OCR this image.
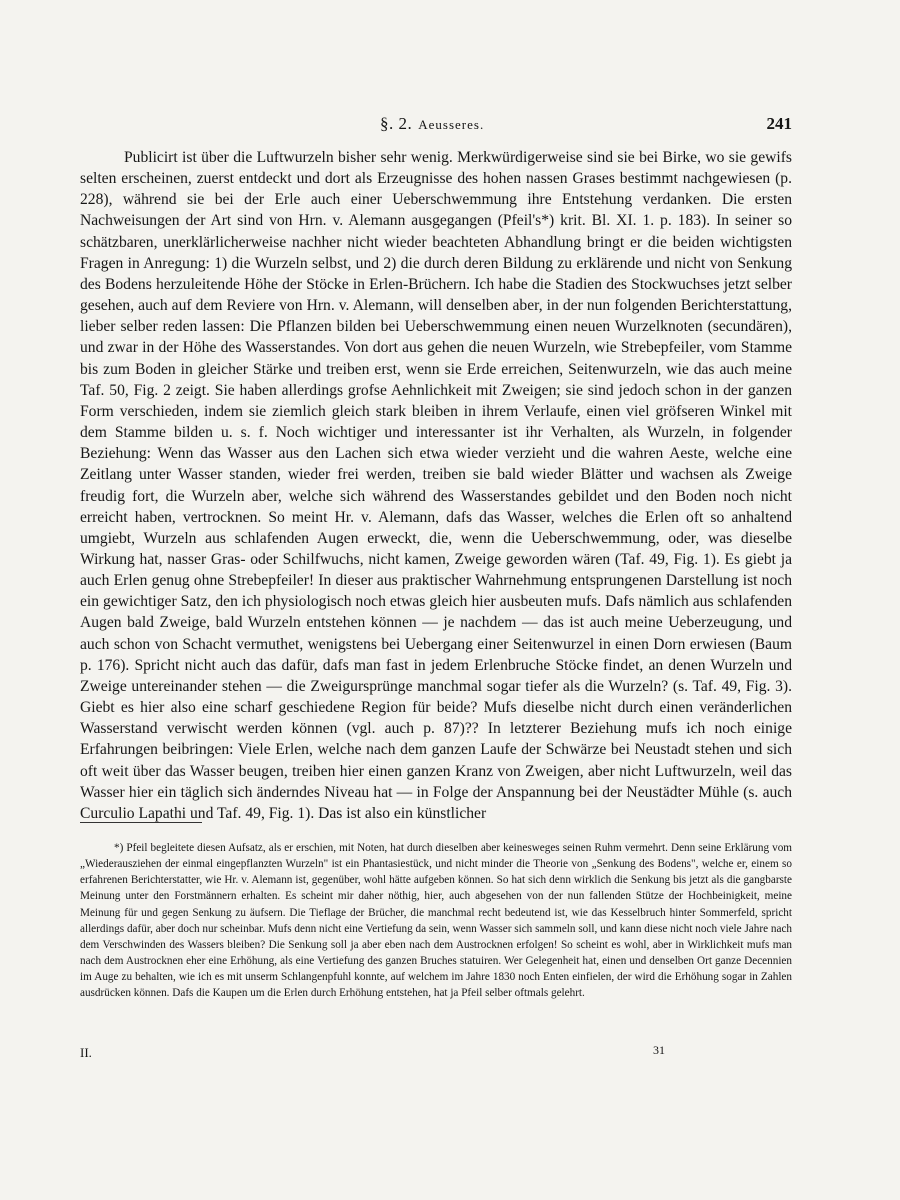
§. 2. Aeusseres.	241

Publicirt ist über die Luftwurzeln bisher sehr wenig. Merkwürdigerweise sind sie bei Birke, wo sie gewifs selten erscheinen, zuerst entdeckt und dort als Erzeugnisse des hohen nassen Grases bestimmt nachgewiesen (p. 228), während sie bei der Erle auch einer Ueberschwemmung ihre Entstehung verdanken. Die ersten Nachweisungen der Art sind von Hrn. v. Alemann ausgegangen (Pfeil's*) krit. Bl. XI. 1. p. 183). In seiner so schätzbaren, unerklärlicherweise nachher nicht wieder beachteten Abhandlung bringt er die beiden wichtigsten Fragen in Anregung: 1) die Wurzeln selbst, und 2) die durch deren Bildung zu erklärende und nicht von Senkung des Bodens herzuleitende Höhe der Stöcke in Erlen-Brüchern. Ich habe die Stadien des Stockwuchses jetzt selber gesehen, auch auf dem Reviere von Hrn. v. Alemann, will denselben aber, in der nun folgenden Berichterstattung, lieber selber reden lassen: Die Pflanzen bilden bei Ueberschwemmung einen neuen Wurzelknoten (secundären), und zwar in der Höhe des Wasserstandes. Von dort aus gehen die neuen Wurzeln, wie Strebepfeiler, vom Stamme bis zum Boden in gleicher Stärke und treiben erst, wenn sie Erde erreichen, Seitenwurzeln, wie das auch meine Taf. 50, Fig. 2 zeigt. Sie haben allerdings grofse Aehnlichkeit mit Zweigen; sie sind jedoch schon in der ganzen Form verschieden, indem sie ziemlich gleich stark bleiben in ihrem Verlaufe, einen viel gröfseren Winkel mit dem Stamme bilden u. s. f. Noch wichtiger und interessanter ist ihr Verhalten, als Wurzeln, in folgender Beziehung: Wenn das Wasser aus den Lachen sich etwa wieder verzieht und die wahren Aeste, welche eine Zeitlang unter Wasser standen, wieder frei werden, treiben sie bald wieder Blätter und wachsen als Zweige freudig fort, die Wurzeln aber, welche sich während des Wasserstandes gebildet und den Boden noch nicht erreicht haben, vertrocknen. So meint Hr. v. Alemann, dafs das Wasser, welches die Erlen oft so anhaltend umgiebt, Wurzeln aus schlafenden Augen erweckt, die, wenn die Ueberschwemmung, oder, was dieselbe Wirkung hat, nasser Gras- oder Schilfwuchs, nicht kamen, Zweige geworden wären (Taf. 49, Fig. 1). Es giebt ja auch Erlen genug ohne Strebepfeiler! In dieser aus praktischer Wahrnehmung entsprungenen Darstellung ist noch ein gewichtiger Satz, den ich physiologisch noch etwas gleich hier ausbeuten mufs. Dafs nämlich aus schlafenden Augen bald Zweige, bald Wurzeln entstehen können — je nachdem — das ist auch meine Ueberzeugung, und auch schon von Schacht vermuthet, wenigstens bei Uebergang einer Seitenwurzel in einen Dorn erwiesen (Baum p. 176). Spricht nicht auch das dafür, dafs man fast in jedem Erlenbruche Stöcke findet, an denen Wurzeln und Zweige untereinander stehen — die Zweigursprünge manchmal sogar tiefer als die Wurzeln? (s. Taf. 49, Fig. 3). Giebt es hier also eine scharf geschiedene Region für beide? Mufs dieselbe nicht durch einen veränderlichen Wasserstand verwischt werden können (vgl. auch p. 87)?? In letzterer Beziehung mufs ich noch einige Erfahrungen beibringen: Viele Erlen, welche nach dem ganzen Laufe der Schwärze bei Neustadt stehen und sich oft weit über das Wasser beugen, treiben hier einen ganzen Kranz von Zweigen, aber nicht Luftwurzeln, weil das Wasser hier ein täglich sich änderndes Niveau hat — in Folge der Anspannung bei der Neustädter Mühle (s. auch Curculio Lapathi und Taf. 49, Fig. 1). Das ist also ein künstlicher

*) Pfeil begleitete diesen Aufsatz, als er erschien, mit Noten, hat durch dieselben aber keinesweges seinen Ruhm vermehrt. Denn seine Erklärung vom „Wiederausziehen der einmal eingepflanzten Wurzeln" ist ein Phantasiestück, und nicht minder die Theorie von „Senkung des Bodens", welche er, einem so erfahrenen Berichterstatter, wie Hr. v. Alemann ist, gegenüber, wohl hätte aufgeben können. So hat sich denn wirklich die Senkung bis jetzt als die gangbarste Meinung unter den Forstmännern erhalten. Es scheint mir daher nöthig, hier, auch abgesehen von der nun fallenden Stütze der Hochbeinigkeit, meine Meinung für und gegen Senkung zu äufsern. Die Tieflage der Brücher, die manchmal recht bedeutend ist, wie das Kesselbruch hinter Sommerfeld, spricht allerdings dafür, aber doch nur scheinbar. Mufs denn nicht eine Vertiefung da sein, wenn Wasser sich sammeln soll, und kann diese nicht noch viele Jahre nach dem Verschwinden des Wassers bleiben? Die Senkung soll ja aber eben nach dem Austrocknen erfolgen! So scheint es wohl, aber in Wirklichkeit mufs man nach dem Austrocknen eher eine Erhöhung, als eine Vertiefung des ganzen Bruches statuiren. Wer Gelegenheit hat, einen und denselben Ort ganze Decennien im Auge zu behalten, wie ich es mit unserm Schlangenpfuhl konnte, auf welchem im Jahre 1830 noch Enten einfielen, der wird die Erhöhung sogar in Zahlen ausdrücken können. Dafs die Kaupen um die Erlen durch Erhöhung entstehen, hat ja Pfeil selber oftmals gelehrt.

II.	31
